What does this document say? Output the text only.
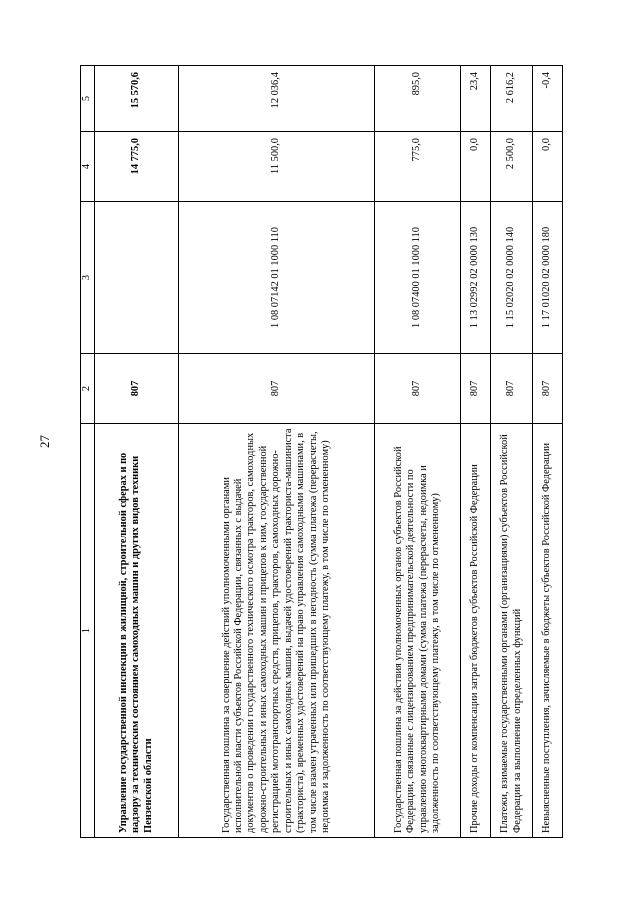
27
1	2	3	4	5
Управление государственной инспекции в жилищной, строительной сферах и по надзору за техническим состоянием самоходных машин и других видов техники Пензенской области	807		14 775,0	15 570,6
Государственная пошлина за совершение действий уполномоченными органами исполнительной власти субъектов Российской Федерации, связанных с выдачей документов о проведении государственного технического осмотра тракторов, самоходных дорожно-строительных и иных самоходных машин и прицепов к ним, государственной регистрацией мототранспортных средств, прицепов, тракторов, самоходных дорожно-строительных и иных самоходных машин, выдачей удостоверений тракториста-машиниста (тракториста), временных удостоверений на право управления самоходными машинами, в том числе взамен утраченных или пришедших в негодность (сумма платежа (перерасчеты, недоимка и задолженность по соответствующему платежу, в том числе по отмененному)	807	1 08 07142 01 1000 110	11 500,0	12 036,4
Государственная пошлина за действия уполномоченных органов субъектов Российской Федерации, связанные с лицензированием предпринимательской деятельности по управлению многоквартирными домами (сумма платежа (перерасчеты, недоимка и задолженность по соответствующему платежу, в том числе по отмененному)	807	1 08 07400 01 1000 110	775,0	895,0
Прочие доходы от компенсации затрат бюджетов субъектов Российской Федерации	807	1 13 02992 02 0000 130	0,0	23,4
Платежи, взимаемые государственными органами (организациями) субъектов Российской Федерации за выполнение определенных функций	807	1 15 02020 02 0000 140	2 500,0	2 616,2
Невыясненные поступления, зачисляемые в бюджеты субъектов Российской Федерации	807	1 17 01020 02 0000 180	0,0	-0,4
